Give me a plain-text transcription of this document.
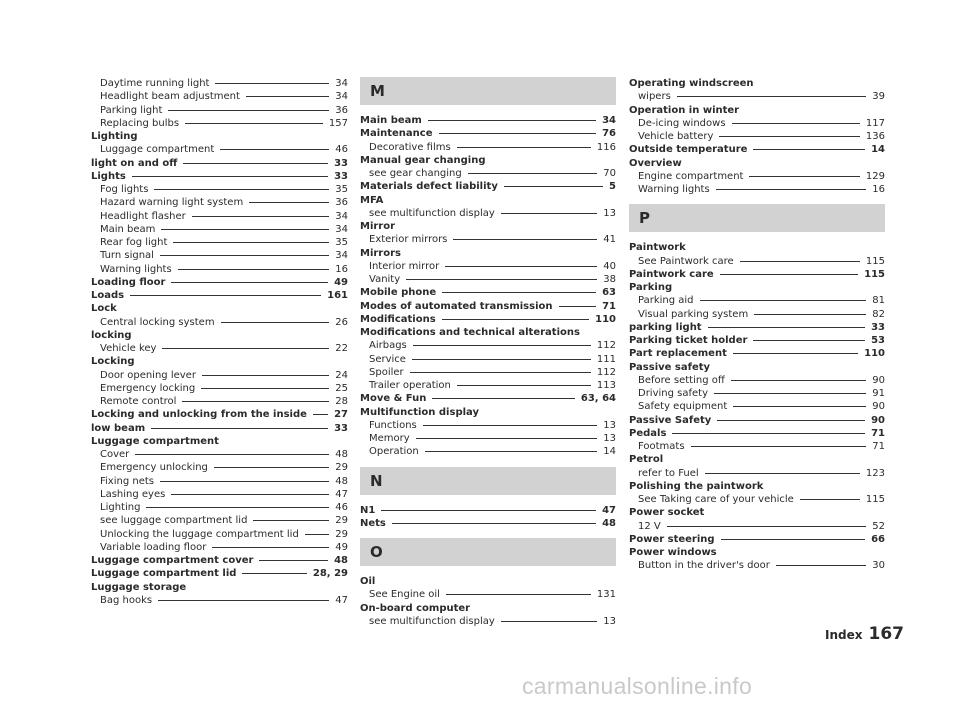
Daytime running light	34
Headlight beam adjustment	34
Parking light	36
Replacing bulbs	157
Lighting
Luggage compartment	46
light on and off	33
Lights	33
Fog lights	35
Hazard warning light system	36
Headlight flasher	34
Main beam	34
Rear fog light	35
Turn signal	34
Warning lights	16
Loading floor	49
Loads	161
Lock
Central locking system	26
locking
Vehicle key	22
Locking
Door opening lever	24
Emergency locking	25
Remote control	28
Locking and unlocking from the inside	27
low beam	33
Luggage compartment
Cover	48
Emergency unlocking	29
Fixing nets	48
Lashing eyes	47
Lighting	46
see luggage compartment lid	29
Unlocking the luggage compartment lid	29
Variable loading floor	49
Luggage compartment cover	48
Luggage compartment lid	28, 29
Luggage storage
Bag hooks	47
M
Main beam	34
Maintenance	76
Decorative films	116
Manual gear changing
see gear changing	70
Materials defect liability	5
MFA
see multifunction display	13
Mirror
Exterior mirrors	41
Mirrors
Interior mirror	40
Vanity	38
Mobile phone	63
Modes of automated transmission	71
Modifications	110
Modifications and technical alterations
Airbags	112
Service	111
Spoiler	112
Trailer operation	113
Move & Fun	63, 64
Multifunction display
Functions	13
Memory	13
Operation	14
N
N1	47
Nets	48
O
Oil
See Engine oil	131
On-board computer
see multifunction display	13
Operating windscreen
wipers	39
Operation in winter
De-icing windows	117
Vehicle battery	136
Outside temperature	14
Overview
Engine compartment	129
Warning lights	16
P
Paintwork
See Paintwork care	115
Paintwork care	115
Parking
Parking aid	81
Visual parking system	82
parking light	33
Parking ticket holder	53
Part replacement	110
Passive safety
Before setting off	90
Driving safety	91
Safety equipment	90
Passive Safety	90
Pedals	71
Footmats	71
Petrol
refer to Fuel	123
Polishing the paintwork
See Taking care of your vehicle	115
Power socket
12 V	52
Power steering	66
Power windows
Button in the driver's door	30
Index 167
carmanualsonline.info
